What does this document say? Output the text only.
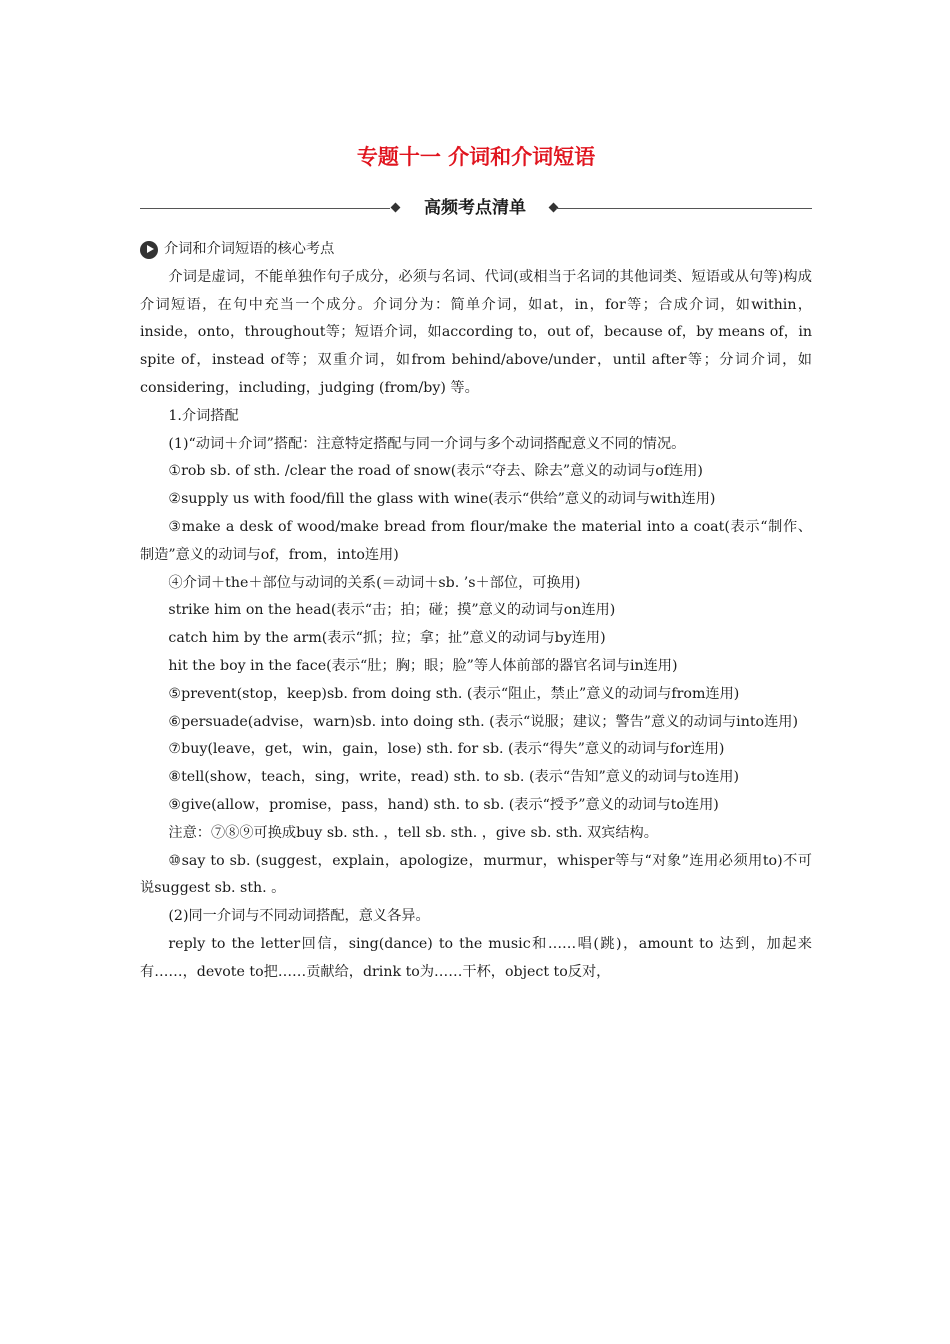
专题十一 介词和介词短语
高频考点清单
介词和介词短语的核心考点

介词是虚词，不能单独作句子成分，必须与名词、代词(或相当于名词的其他词类、短语或从句等)构成介词短语，在句中充当一个成分。介词分为：简单介词，如at，in，for等；合成介词，如within，inside，onto，throughout等；短语介词，如according to，out of，because of，by means of，in spite of，instead of等；双重介词，如from behind/above/under，until after等；分词介词，如considering，including，judging (from/by) 等。

1.介词搭配

(1)“动词＋介词”搭配：注意特定搭配与同一介词与多个动词搭配意义不同的情况。

①rob sb. of sth. /clear the road of snow(表示“夺去、除去”意义的动词与of连用)

②supply us with food/fill the glass with wine(表示“供给”意义的动词与with连用)

③make a desk of wood/make bread from flour/make the material into a coat(表示“制作、制造”意义的动词与of，from，into连用)

④介词＋the＋部位与动词的关系(＝动词＋sb. ’s＋部位，可换用)

strike him on the head(表示“击；拍；碰；摸”意义的动词与on连用)

catch him by the arm(表示“抓；拉；拿；扯”意义的动词与by连用)

hit the boy in the face(表示“肚；胸；眼；脸”等人体前部的器官名词与in连用)

⑤prevent(stop，keep)sb. from doing sth. (表示“阻止，禁止”意义的动词与from连用)

⑥persuade(advise，warn)sb. into doing sth. (表示“说服；建议；警告”意义的动词与into连用)

⑦buy(leave，get，win，gain，lose) sth. for sb. (表示“得失”意义的动词与for连用)

⑧tell(show，teach，sing，write，read) sth. to sb. (表示“告知”意义的动词与to连用)

⑨give(allow，promise，pass，hand) sth. to sb. (表示“授予”意义的动词与to连用)

注意：⑦⑧⑨可换成buy sb. sth. ，tell sb. sth. ，give sb. sth. 双宾结构。

⑩say to sb. (suggest，explain，apologize，murmur，whisper等与“对象”连用必须用to)不可说suggest sb. sth. 。

(2)同一介词与不同动词搭配，意义各异。

reply to the letter回信，sing(dance) to the music和……唱(跳)，amount to 达到，加起来有……，devote to把……贡献给，drink to为……干杯，object to反对，
